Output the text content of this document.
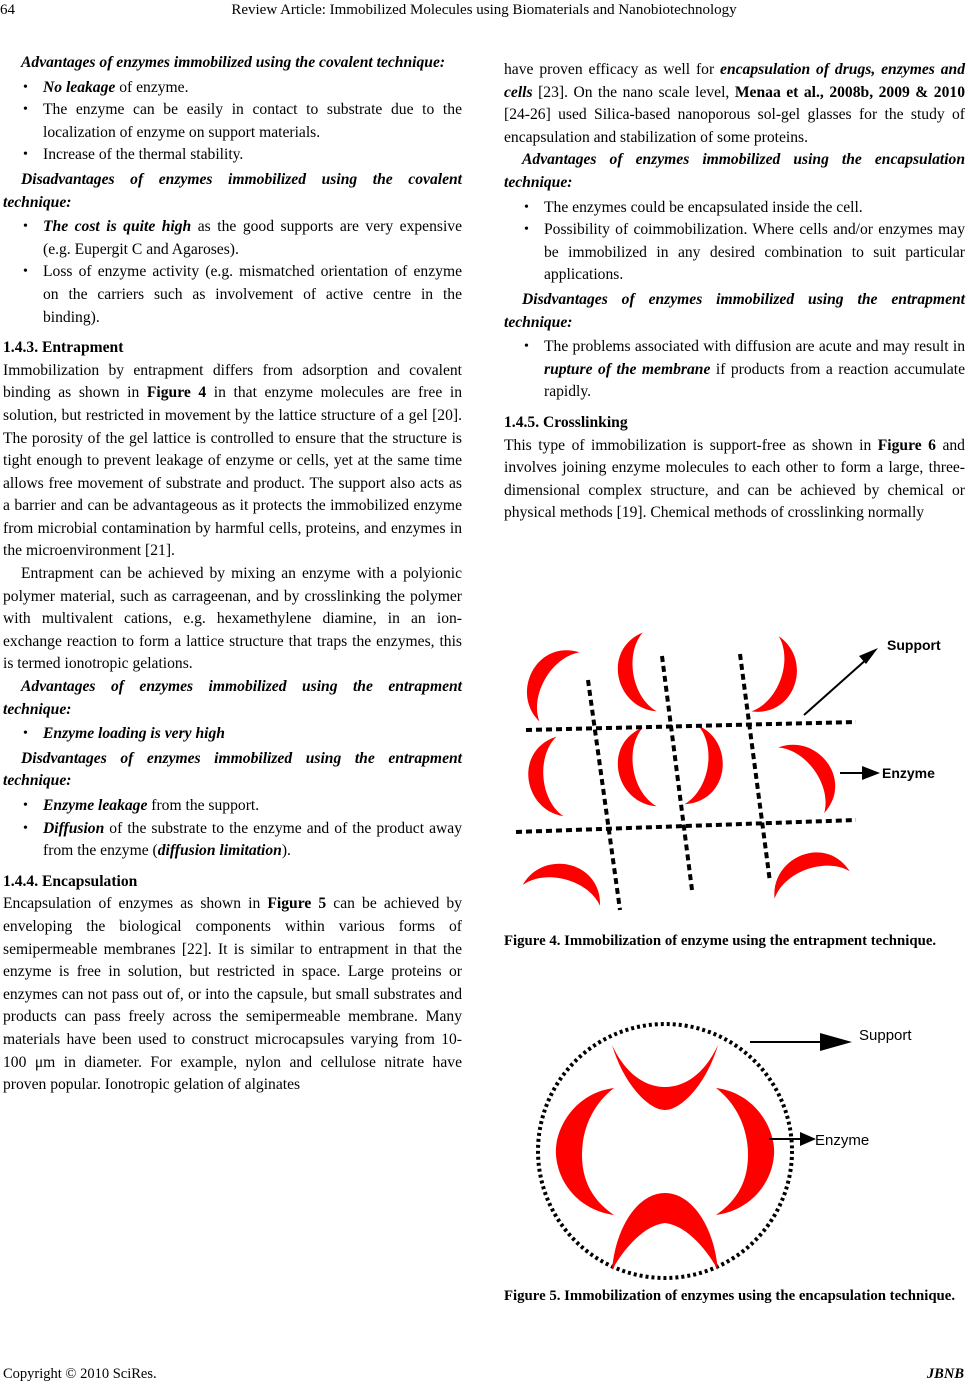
64	Review Article: Immobilized Molecules using Biomaterials and Nanobiotechnology

Advantages of enzymes immobilized using the covalent technique:

• No leakage of enzyme.
• The enzyme can be easily in contact to substrate due to the localization of enzyme on support materials.
• Increase of the thermal stability.

Disadvantages of enzymes immobilized using the covalent technique:

• The cost is quite high as the good supports are very expensive (e.g. Eupergit C and Agaroses).
• Loss of enzyme activity (e.g. mismatched orientation of enzyme on the carriers such as involvement of active centre in the binding).

1.4.3. Entrapment

Immobilization by entrapment differs from adsorption and covalent binding as shown in Figure 4 in that enzyme molecules are free in solution, but restricted in movement by the lattice structure of a gel [20]. The porosity of the gel lattice is controlled to ensure that the structure is tight enough to prevent leakage of enzyme or cells, yet at the same time allows free movement of substrate and product. The support also acts as a barrier and can be advantageous as it protects the immobilized enzyme from microbial contamination by harmful cells, proteins, and enzymes in the microenvironment [21].

Entrapment can be achieved by mixing an enzyme with a polyionic polymer material, such as carrageenan, and by crosslinking the polymer with multivalent cations, e.g. hexamethylene diamine, in an ion-exchange reaction to form a lattice structure that traps the enzymes, this is termed ionotropic gelations.

Advantages of enzymes immobilized using the entrapment technique:

• Enzyme loading is very high

Disdvantages of enzymes immobilized using the entrapment technique:

• Enzyme leakage from the support.
• Diffusion of the substrate to the enzyme and of the product away from the enzyme (diffusion limitation).

1.4.4. Encapsulation

Encapsulation of enzymes as shown in Figure 5 can be achieved by enveloping the biological components within various forms of semipermeable membranes [22]. It is similar to entrapment in that the enzyme is free in solution, but restricted in space. Large proteins or enzymes can not pass out of, or into the capsule, but small substrates and products can pass freely across the semipermeable membrane. Many materials have been used to construct microcapsules varying from 10-100 μm in diameter. For example, nylon and cellulose nitrate have proven popular. Ionotropic gelation of alginates

have proven efficacy as well for encapsulation of drugs, enzymes and cells [23]. On the nano scale level, Menaa et al., 2008b, 2009 & 2010 [24-26] used Silica-based nanoporous sol-gel glasses for the study of encapsulation and stabilization of some proteins.

Advantages of enzymes immobilized using the encapsulation technique:

• The enzymes could be encapsulated inside the cell.
• Possibility of coimmobilization. Where cells and/or enzymes may be immobilized in any desired combination to suit particular applications.

Disdvantages of enzymes immobilized using the entrapment technique:

• The problems associated with diffusion are acute and may result in rupture of the membrane if products from a reaction accumulate rapidly.

1.4.5. Crosslinking

This type of immobilization is support-free as shown in Figure 6 and involves joining enzyme molecules to each other to form a large, three-dimensional complex structure, and can be achieved by chemical or physical methods [19]. Chemical methods of crosslinking normally

Support
Enzyme

Figure 4. Immobilization of enzyme using the entrapment technique.

Support
Enzyme

Figure 5. Immobilization of enzymes using the encapsulation technique.

Copyright © 2010 SciRes.	JBNB
